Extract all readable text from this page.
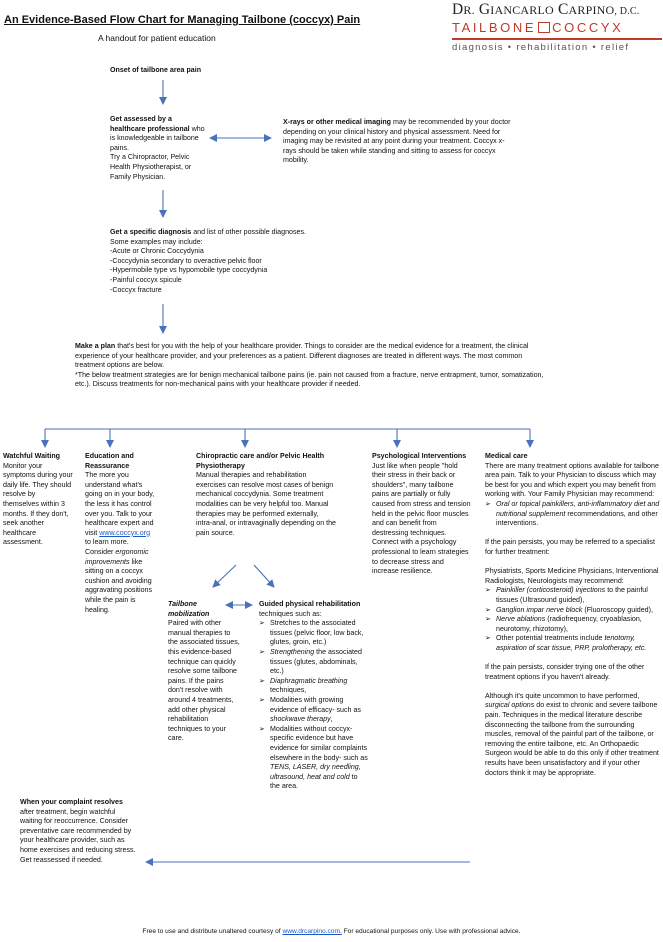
An Evidence-Based Flow Chart for Managing Tailbone (coccyx) Pain
A handout for patient education
DR. GIANCARLO CARPINO, D.C.
TAILBONE COCCYX
diagnosis • rehabilitation • relief
Onset of tailbone area pain

Get assessed by a healthcare professional who is knowledgeable in tailbone pains.

Try a Chiropractor, Pelvic Health Physiotherapist, or Family Physician.

X-rays or other medical imaging may be recommended by your doctor depending on your clinical history and physical assessment. Need for imaging may be revisited at any point during your treatment. Coccyx x-rays should be taken while standing and sitting to assess for coccyx mobility.

Get a specific diagnosis and list of other possible diagnoses.

Some examples may include:

-Acute or Chronic Coccydynia

-Coccydynia secondary to overactive pelvic floor

-Hypermobile type vs hypomobile type coccydynia

-Painful coccyx spicule

-Coccyx fracture

Make a plan that's best for you with the help of your healthcare provider. Things to consider are the medical evidence for a treatment, the clinical experience of your healthcare provider, and your preferences as a patient. Different diagnoses are treated in different ways. The most common treatment options are below.

*The below treatment strategies are for benign mechanical tailbone pains (ie. pain not caused from a fracture, nerve entrapment, tumor, somatization, etc.). Discuss treatments for non-mechanical pains with your healthcare provider if needed.

Watchful Waiting

Monitor your symptoms during your daily life. They should resolve by themselves within 3 months. If they don't, seek another healthcare assessment.

Education and Reassurance

The more you understand what's going on in your body, the less it has control over you. Talk to your healthcare expert and visit www.coccyx.org to learn more. Consider ergonomic improvements like sitting on a coccyx cushion and avoiding aggravating positions while the pain is healing.

Chiropractic care and/or Pelvic Health Physiotherapy

Manual therapies and rehabilitation exercises can resolve most cases of benign mechanical coccydynia. Some treatment modalities can be very helpful too. Manual therapies may be performed externally, intra-anal, or intravaginally depending on the pain source.

Tailbone mobilization

Paired with other manual therapies to the associated tissues, this evidence-based technique can quickly resolve some tailbone pains. If the pains don't resolve with around 4 treatments, add other physical rehabilitation techniques to your care.

Guided physical rehabilitation

techniques such as:

➢ Stretches to the associated tissues (pelvic floor, low back, glutes, groin, etc.)
➢ Strengthening the associated tissues (glutes, abdominals, etc.)
➢ Diaphragmatic breathing techniques,
➢ Modalities with growing evidence of efficacy- such as shockwave therapy,
➢ Modalities without coccyx-specific evidence but have evidence for similar complaints elsewhere in the body- such as TENS, LASER, dry needling, ultrasound, heat and cold to the area.

Psychological Interventions

Just like when people "hold their stress in their back or shoulders", many tailbone pains are partially or fully caused from stress and tension held in the pelvic floor muscles and can benefit from destressing techniques. Connect with a psychology professional to learn strategies to decrease stress and increase resilience.

Medical care

There are many treatment options available for tailbone area pain. Talk to your Physician to discuss which may be best for you and which expert you may benefit from working with. Your Family Physician may recommend:

➢ Oral or topical painkillers, anti-inflammatory diet and nutritional supplement recommendations, and other interventions.

If the pain persists, you may be referred to a specialist for further treatment:

Physiatrists, Sports Medicine Physicians, Interventional Radiologists, Neurologists may recommend:

➢ Painkiller (corticosteroid) injections to the painful tissues (Ultrasound guided),
➢ Ganglion impar nerve block (Fluoroscopy guided),
➢ Nerve ablations (radiofrequency, cryoablasion, neurotomy, rhizotomy),
➢ Other potential treatments include tenotomy, aspiration of scar tissue, PRP, prolotherapy, etc.

If the pain persists, consider trying one of the other treatment options if you haven't already.

Although it's quite uncommon to have performed, surgical options do exist to chronic and severe tailbone pain. Techniques in the medical literature describe disconnecting the tailbone from the surrounding muscles, removal of the painful part of the tailbone, or removing the entire tailbone, etc. An Orthopaedic Surgeon would be able to do this only if other treatment results have been unsatisfactory and if your other doctors think it may be appropriate.

When your complaint resolves after treatment, begin watchful waiting for reoccurrence. Consider preventative care recommended by your healthcare provider, such as home exercises and reducing stress. Get reassessed if needed.

Free to use and distribute unaltered courtesy of www.drcarpino.com. For educational purposes only. Use with professional advice.
